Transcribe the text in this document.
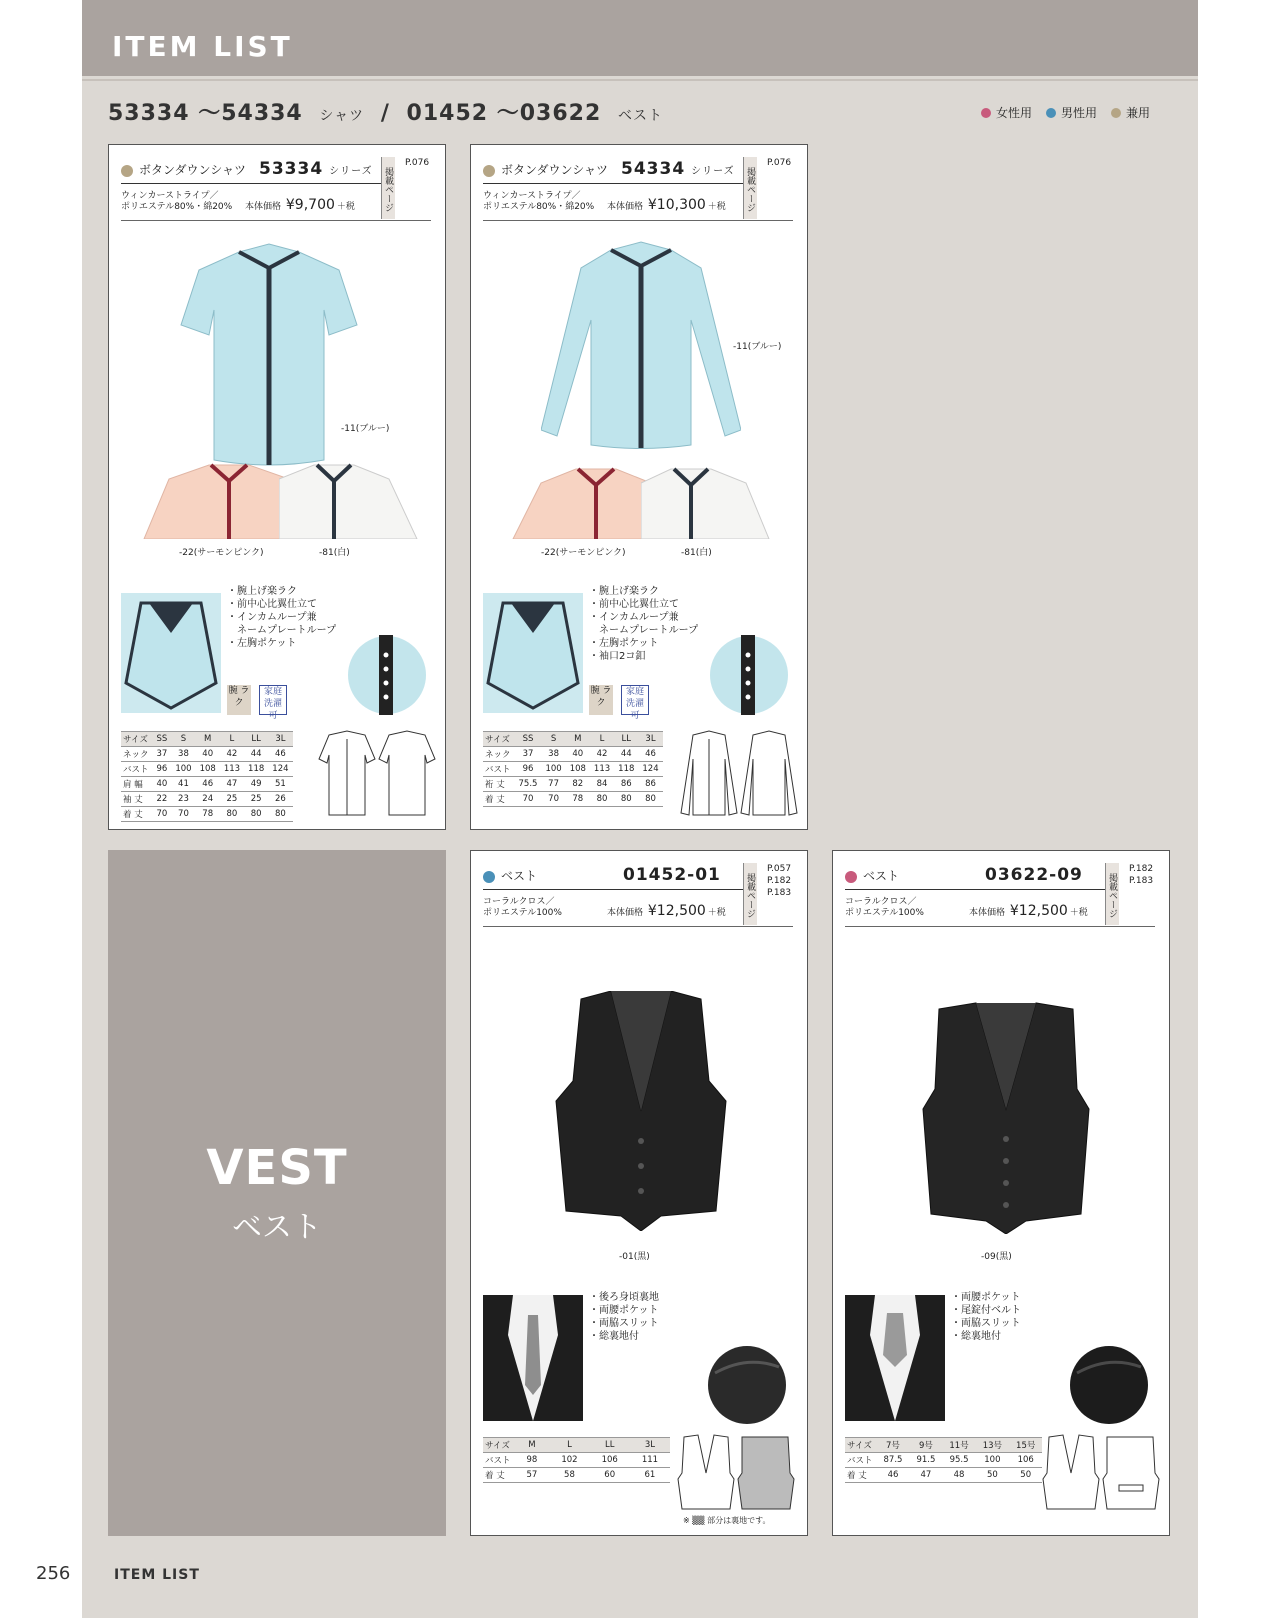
ITEM LIST
53334 ～54334 シャツ / 01452 ～03622 ベスト	女性用	男性用	兼用
ボタンダウンシャツ 53334 シリーズ 掲載ページ
P.076
ウィンカーストライプ／
ポリエステル80%・綿20% 本体価格 ¥9,700 ＋税
-11(ブルー)
-22(サーモンピンク)	-81(白)
・腕上げ楽ラク
・前中心比翼仕立て
・インカムループ兼
　ネームプレートループ
・左胸ポケット
腕 ラク
家庭 洗濯可
サイズ	SS	S	M	L	LL	3L
ネック	37	38	40	42	44	46
バスト	96	100	108	113	118	124
肩 幅	40	41	46	47	49	51
袖 丈	22	23	24	25	25	26
着 丈	70	70	78	80	80	80
ボタンダウンシャツ 54334 シリーズ 掲載ページ
P.076
ウィンカーストライプ／
ポリエステル80%・綿20% 本体価格 ¥10,300 ＋税
-11(ブルー)
-22(サーモンピンク)	-81(白)
・腕上げ楽ラク
・前中心比翼仕立て
・インカムループ兼
　ネームプレートループ
・左胸ポケット
・袖口2コ釦
腕 ラク
家庭 洗濯可
サイズ	SS	S	M	L	LL	3L
ネック	37	38	40	42	44	46
バスト	96	100	108	113	118	124
裄 丈	75.5	77	82	84	86	86
着 丈	70	70	78	80	80	80
VEST
ベスト
ベスト	01452-01	掲載ページ
P.057
P.182
P.183
コーラルクロス／
ポリエステル100%	本体価格 ¥12,500 ＋税
-01(黒)
・後ろ身頃裏地
・両腰ポケット
・両脇スリット
・総裏地付
サイズ	M	L	LL	3L
バスト	98	102	106	111
着 丈	57	58	60	61
※ ▒▒ 部分は裏地です。
ベスト	03622-09	掲載ページ
P.182
P.183
コーラルクロス／
ポリエステル100%	本体価格 ¥12,500 ＋税
-09(黒)
・両腰ポケット
・尾錠付ベルト
・両脇スリット
・総裏地付
サイズ	7号	9号	11号	13号	15号
バスト	87.5	91.5	95.5	100	106
着 丈	46	47	48	50	50
256	ITEM LIST
